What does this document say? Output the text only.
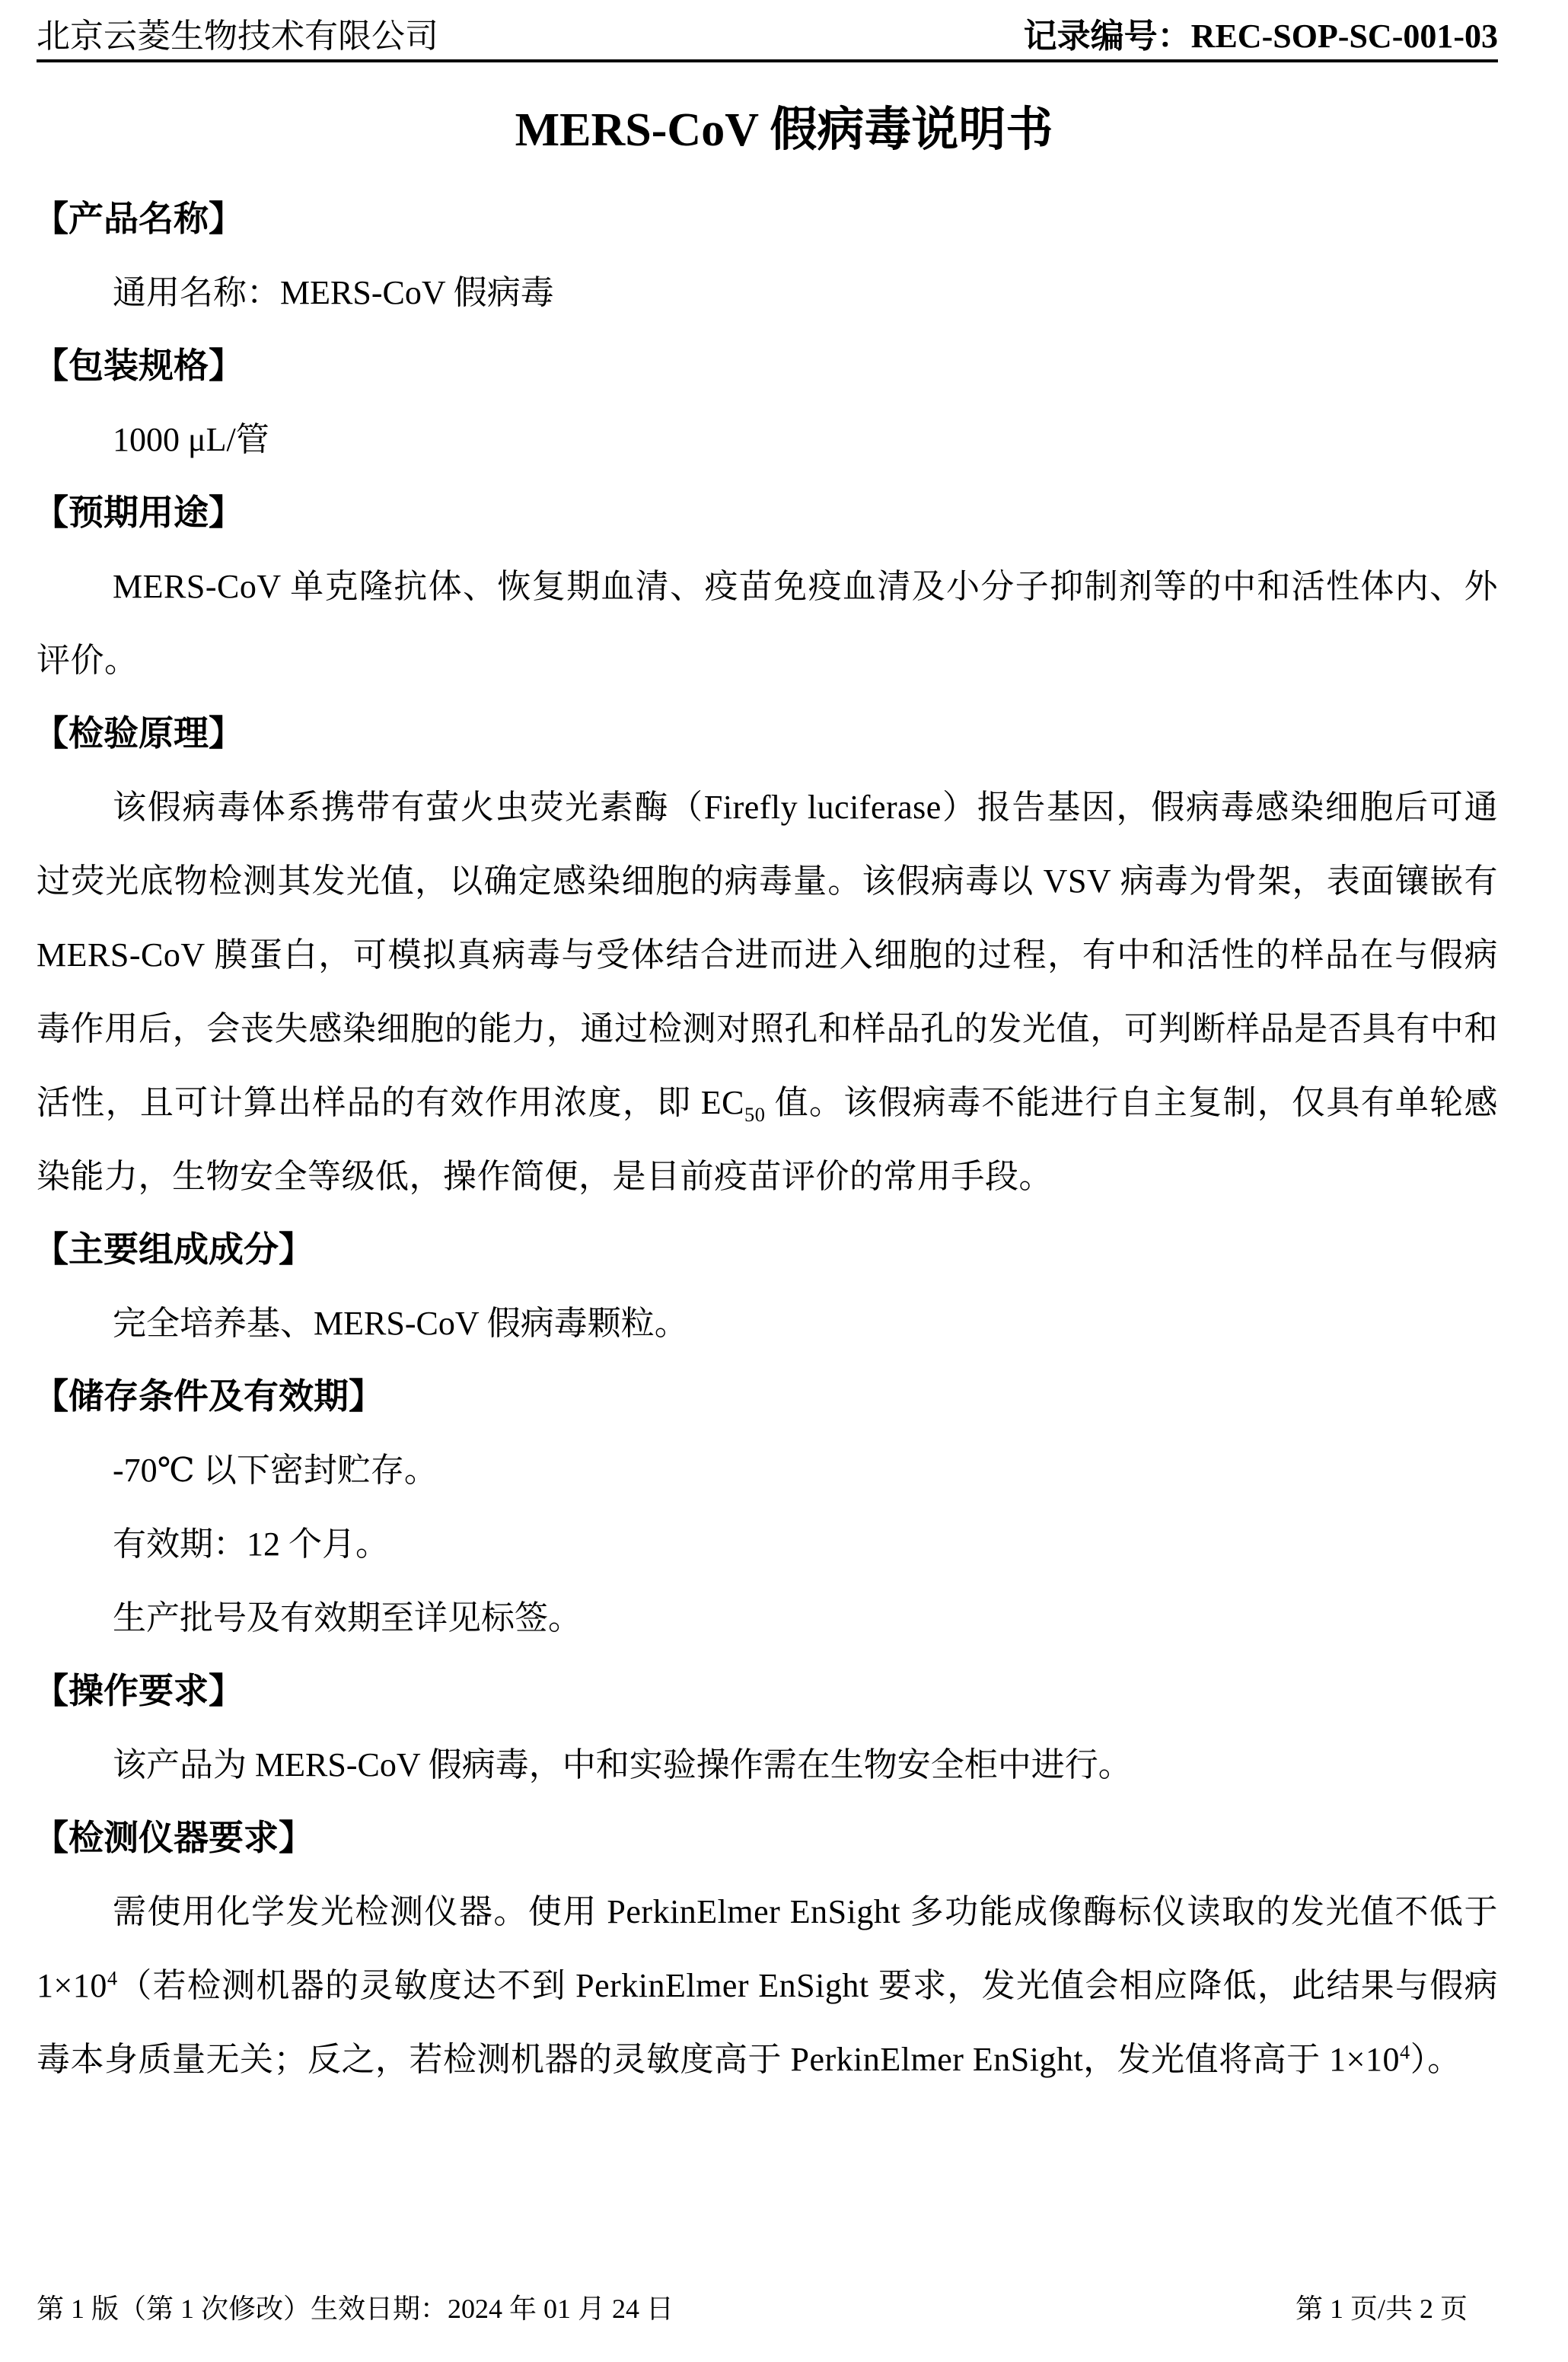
北京云菱生物技术有限公司	记录编号：REC-SOP-SC-001-03
MERS-CoV 假病毒说明书
【产品名称】
通用名称：MERS-CoV 假病毒
【包装规格】
1000 μL/管
【预期用途】
MERS-CoV 单克隆抗体、恢复期血清、疫苗免疫血清及小分子抑制剂等的中和活性体内、外评价。
【检验原理】
该假病毒体系携带有萤火虫荧光素酶（Firefly luciferase）报告基因，假病毒感染细胞后可通过荧光底物检测其发光值，以确定感染细胞的病毒量。该假病毒以 VSV 病毒为骨架，表面镶嵌有 MERS-CoV 膜蛋白，可模拟真病毒与受体结合进而进入细胞的过程，有中和活性的样品在与假病毒作用后，会丧失感染细胞的能力，通过检测对照孔和样品孔的发光值，可判断样品是否具有中和活性，且可计算出样品的有效作用浓度，即 $EC_{50}$ 值。该假病毒不能进行自主复制，仅具有单轮感染能力，生物安全等级低，操作简便，是目前疫苗评价的常用手段。
【主要组成成分】
完全培养基、MERS-CoV 假病毒颗粒。
【储存条件及有效期】
-70℃ 以下密封贮存。
有效期：12 个月。
生产批号及有效期至详见标签。
【操作要求】
该产品为 MERS-CoV 假病毒，中和实验操作需在生物安全柜中进行。
【检测仪器要求】
需使用化学发光检测仪器。使用 PerkinElmer EnSight 多功能成像酶标仪读取的发光值不低于 $1\times 10^4$（若检测机器的灵敏度达不到 PerkinElmer EnSight 要求，发光值会相应降低，此结果与假病毒本身质量无关；反之，若检测机器的灵敏度高于 PerkinElmer EnSight，发光值将高于 $1\times 10^4$）。
第 1 版（第 1 次修改）生效日期：2024 年 01 月 24 日	第 1 页/共 2 页
